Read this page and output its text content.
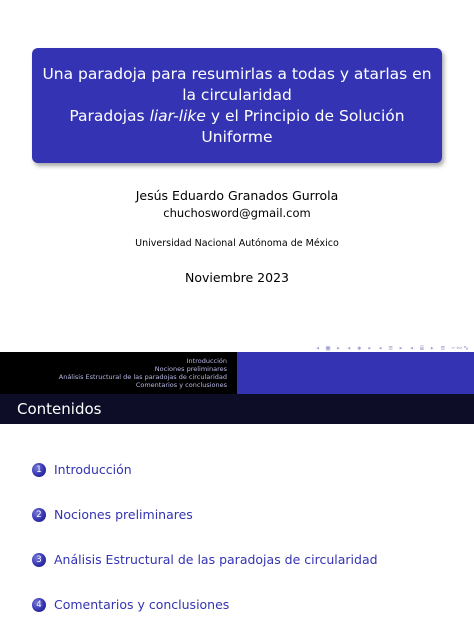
Una paradoja para resumirlas a todas y atarlas en
la circularidad
Paradojas liar-like y el Principio de Solución
Uniforme
Jesús Eduardo Granados Gurrola
chuchosword@gmail.com
Universidad Nacional Autónoma de México
Noviembre 2023
◂ ▣ ▸ ◂ ◈ ▸ ◂ ≡ ▸ ◂ ≣ ▸ ≡ ∽∾∿
Introducción
Nociones preliminares
Análisis Estructural de las paradojas de circularidad
Comentarios y conclusiones
Contenidos
1 Introducción
2 Nociones preliminares
3 Análisis Estructural de las paradojas de circularidad
4 Comentarios y conclusiones
